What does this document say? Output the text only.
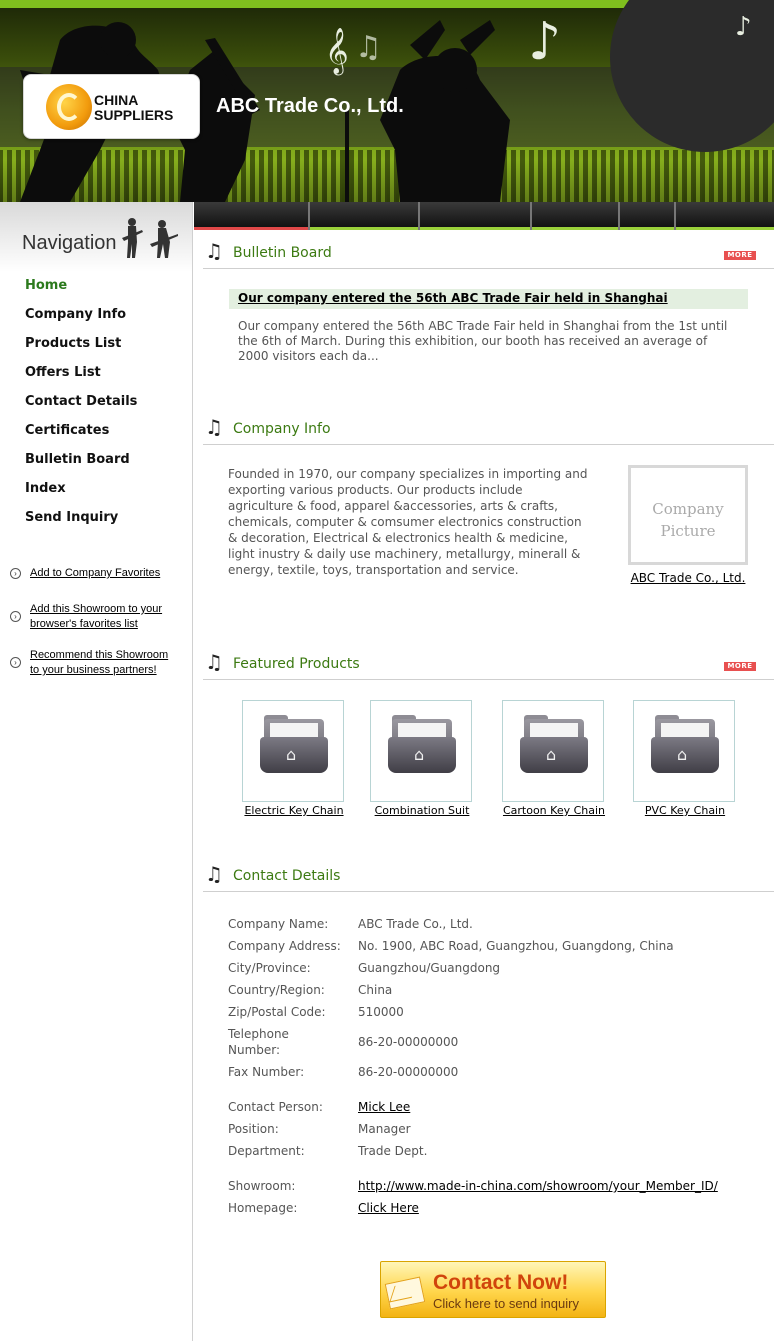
𝄞	♪	♪
♫
CHINA
SUPPLIERS	ABC Trade Co., Ltd.
Navigation
Home
Company Info
Products List
Offers List
Contact Details
Certificates
Bulletin Board
Index
Send Inquiry
›	Add to Company Favorites
›
Add this Showroom to your browser's favorites list
›
Recommend this Showroom to your business partners!
♫ Bulletin Board	MORE
Our company entered the 56th ABC Trade Fair held in Shanghai
Our company entered the 56th ABC Trade Fair held in Shanghai from the 1st until the 6th of March. During this exhibition, our booth has received an average of 2000 visitors each da...
♫ Company Info
Founded in 1970, our company specializes in importing and exporting various products. Our products include agriculture & food, apparel &accessories, arts & crafts, chemicals, computer & comsumer electronics construction & decoration, Electrical & electronics health & medicine, light inustry & daily use machinery, metallurgy, minerall & energy, textile, toys, transportation and service.
Company
Picture
ABC Trade Co., Ltd.
♫ Featured Products	MORE
⌂
Electric Key Chain
⌂
Combination Suit
⌂
Cartoon Key Chain
⌂
PVC Key Chain
♫ Contact Details
Company Name:	ABC Trade Co., Ltd.
Company Address:	No. 1900, ABC Road, Guangzhou, Guangdong, China
City/Province:	Guangzhou/Guangdong
Country/Region:	China
Zip/Postal Code:	510000
Telephone Number:
86-20-00000000
Fax Number:	86-20-00000000
Contact Person:	Mick Lee
Position:	Manager
Department:	Trade Dept.
Showroom:	http://www.made-in-china.com/showroom/your_Member_ID/
Homepage:	Click Here
Contact Now!
Click here to send inquiry
